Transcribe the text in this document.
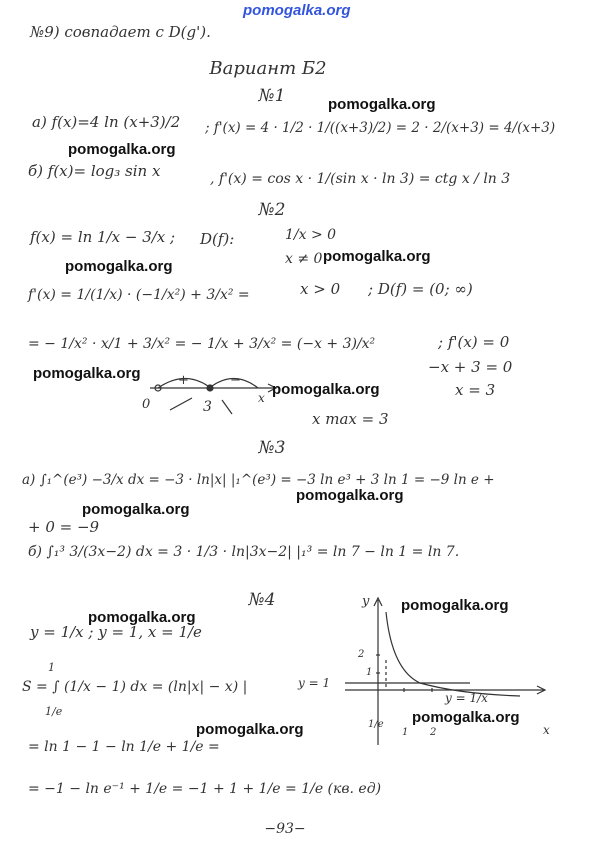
pomogalka.org
pomogalka.org
pomogalka.org
pomogalka.org
pomogalka.org
pomogalka.org
pomogalka.org
pomogalka.org
pomogalka.org
pomogalka.org
pomogalka.org
pomogalka.org
pomogalka.org
№9) совпадает с D(g').
Вариант Б2
№1
а) f(x)=4 ln (x+3)/2 ; f'(x) = 4 · 1/2 · 1/((x+3)/2) = 2 · 2/(x+3) = 4/(x+3)
б) f(x)= log₃ sin x	, f'(x) = cos x · 1/(sin x · ln 3) = ctg x / ln 3
№2
f(x) = ln 1/x − 3/x ; D(f):	1/x > 0
x ≠ 0
x > 0 ; D(f) = (0; ∞)
f'(x) = 1/(1/x) · (−1/x²) + 3/x² =
= − 1/x² · x/1 + 3/x² = − 1/x + 3/x² = (−x + 3)/x²	; f'(x) = 0
−x + 3 = 0
x = 3
+	−
0	3
x
x max = 3
№3
а) ∫₁^(e³) −3/x dx = −3 · ln|x| |₁^(e³) = −3 ln e³ + 3 ln 1 = −9 ln e +
+ 0 = −9
б) ∫₁³ 3/(3x−2) dx = 3 · 1/3 · ln|3x−2| |₁³ = ln 7 − ln 1 = ln 7.
№4
y = 1/x ; y = 1, x = 1/e
S = ∫ (1/x − 1) dx = (ln|x| − x) |
1
1/e
= ln 1 − 1 − ln 1/e + 1/e =
= −1 − ln e⁻¹ + 1/e = −1 + 1 + 1/e = 1/e (кв. ед)
y
x
2
1
1 2
1/e
y = 1
y = 1/x
−93−
